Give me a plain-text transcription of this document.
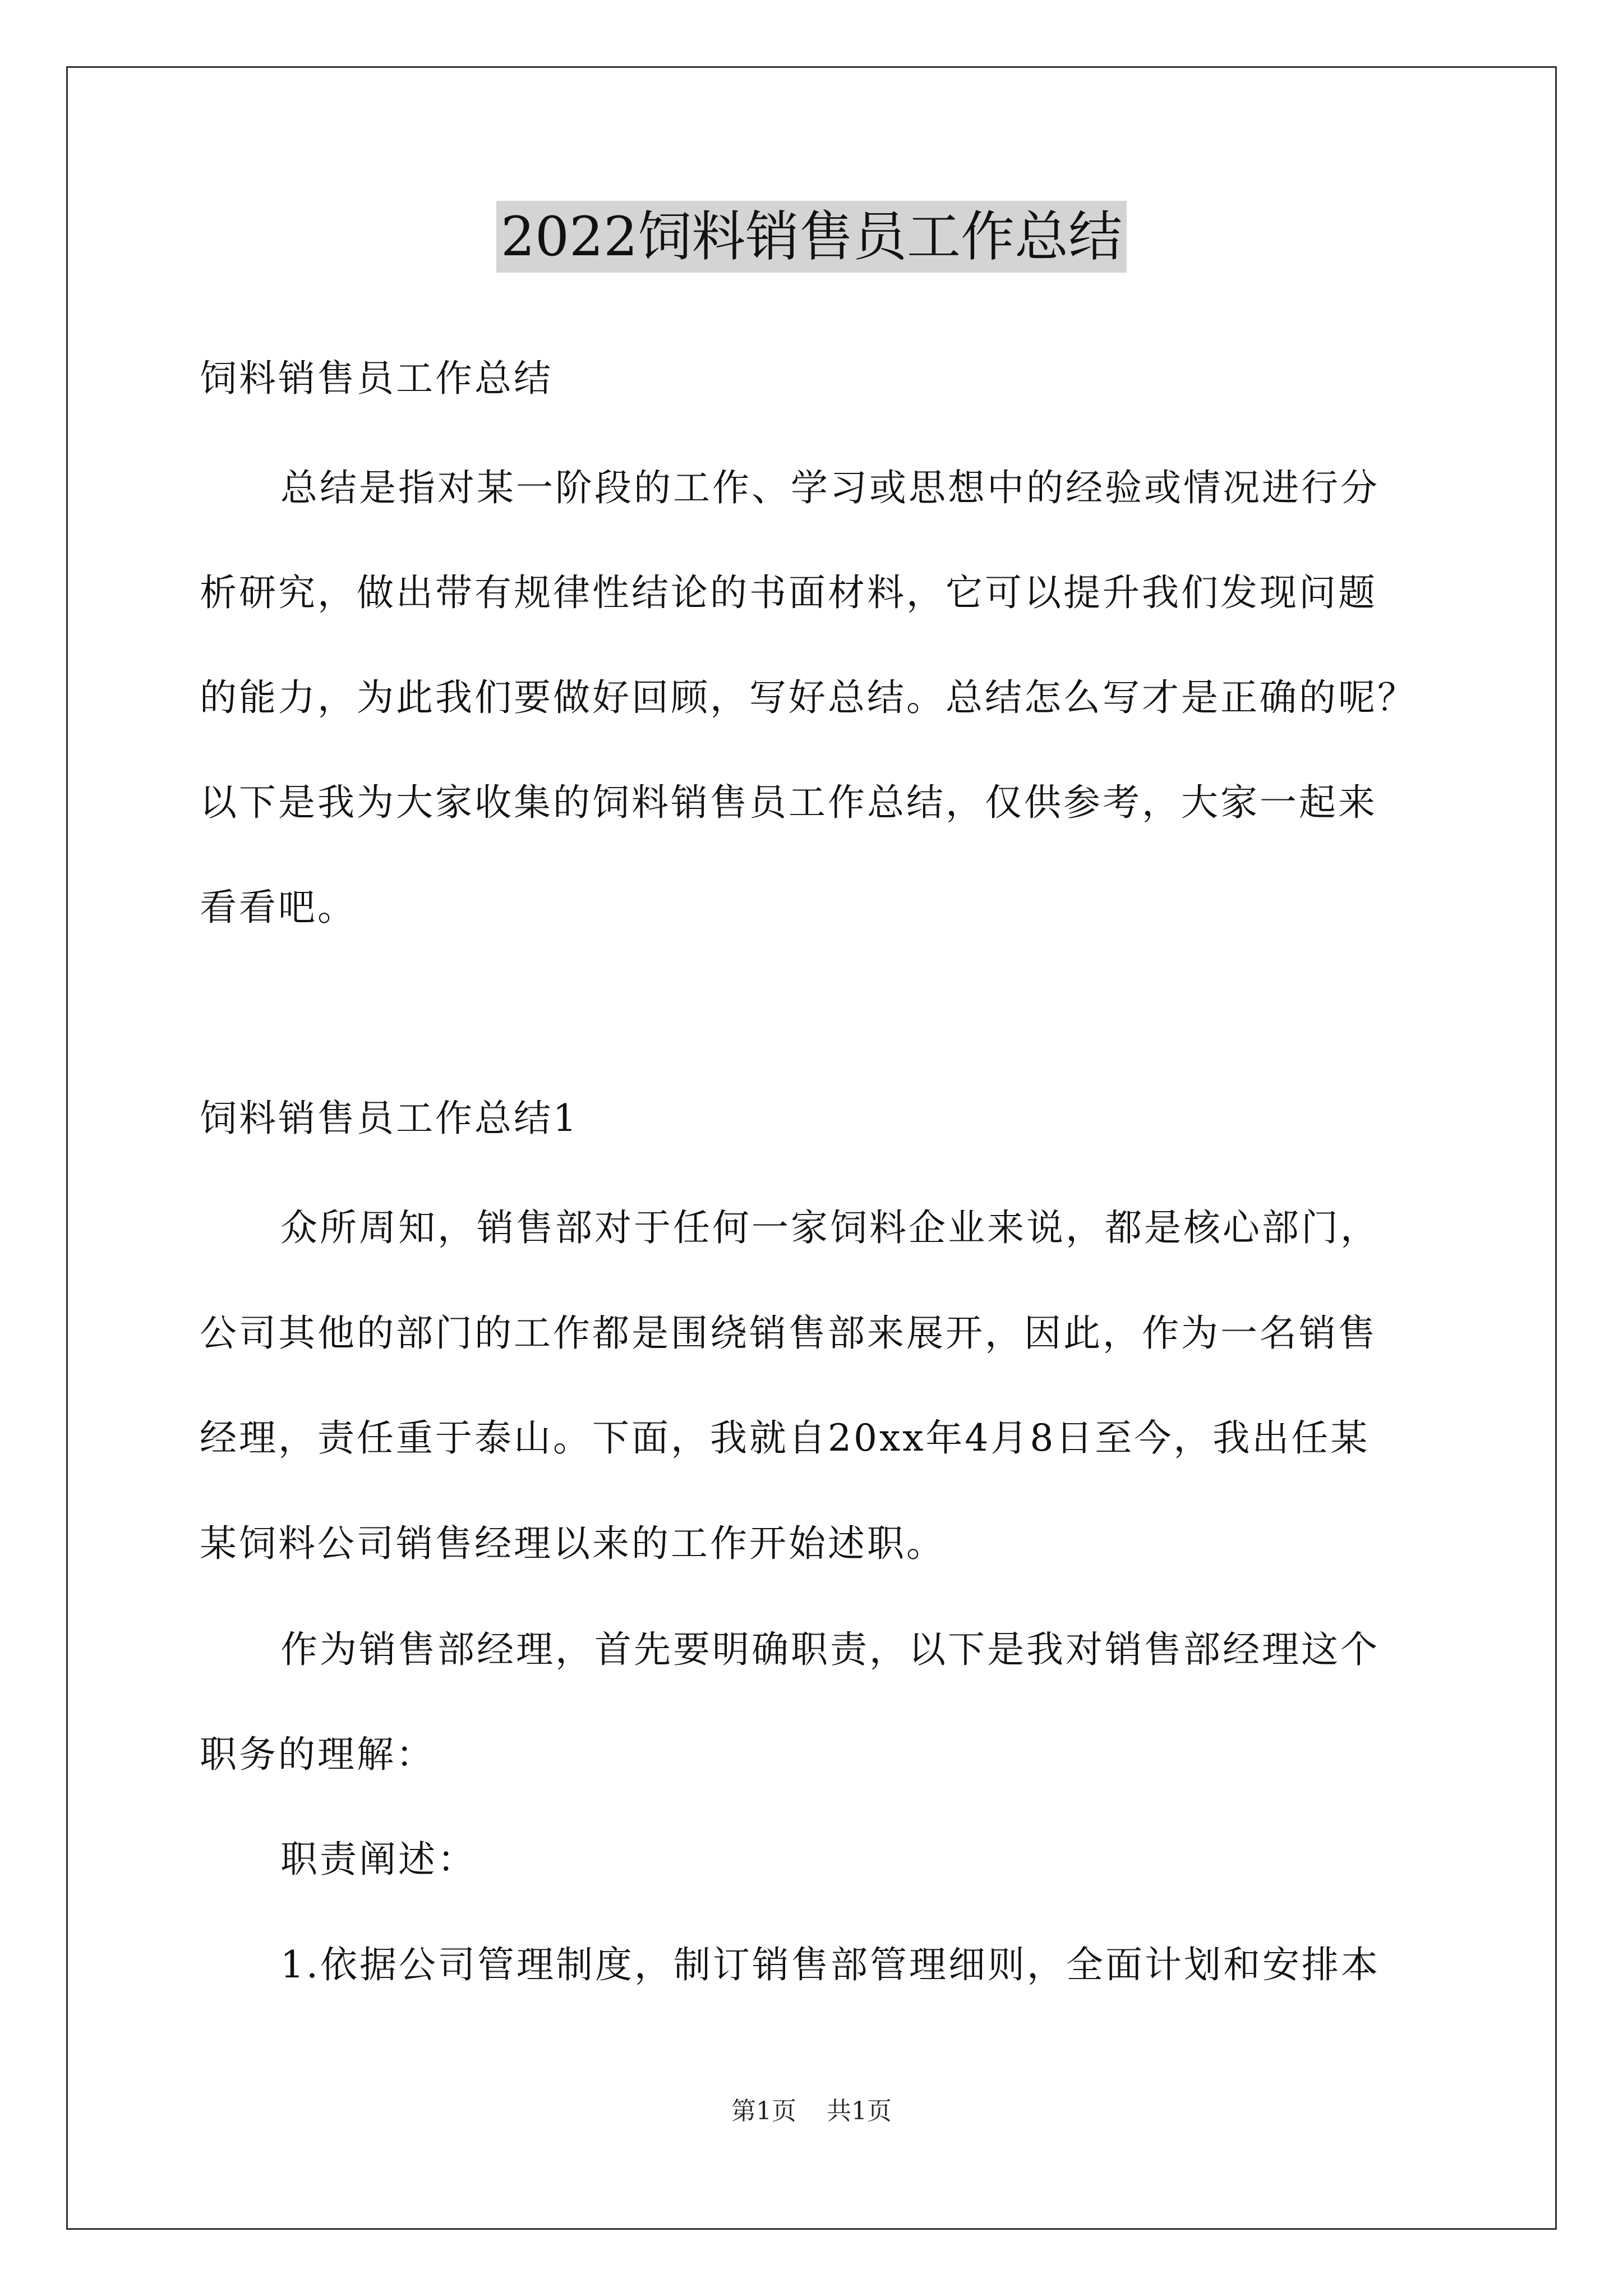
2022饲料销售员工作总结
饲料销售员工作总结
总结是指对某一阶段的工作、学习或思想中的经验或情况进行分
析研究，做出带有规律性结论的书面材料，它可以提升我们发现问题
的能力，为此我们要做好回顾，写好总结。总结怎么写才是正确的呢？
以下是我为大家收集的饲料销售员工作总结，仅供参考，大家一起来
看看吧。
饲料销售员工作总结1
众所周知，销售部对于任何一家饲料企业来说，都是核心部门，
公司其他的部门的工作都是围绕销售部来展开，因此，作为一名销售
经理，责任重于泰山。下面，我就自20xx年4月8日至今，我出任某
某饲料公司销售经理以来的工作开始述职。
作为销售部经理，首先要明确职责，以下是我对销售部经理这个
职务的理解：
职责阐述：
1.依据公司管理制度，制订销售部管理细则，全面计划和安排本
第1页 共1页
